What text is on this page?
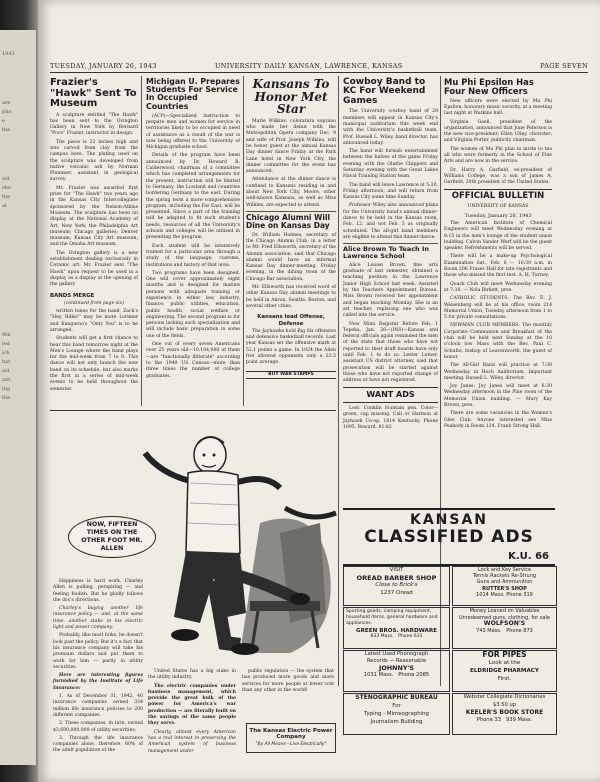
1943
are
pho
e
the
wit
sho
the
at
9th
led
ich
hat
ast
ant
ing
the
TUESDAY, JANUARY 26, 1943	UNIVERSITY DAILY KANSAN, LAWRENCE, KANSAS	PAGE SEVEN
Frazier's "Hawk" Sent To Museum

A sculpture entitled "The Hawk" has been sent to the Ovington Gallery in New York by Bernard "Poco" Frazier, instructor in design.

The piece is 22 inches high and was carved from clay from the campus here. The plating used on the sculpture was developed from native volcanic ash by Norman Plummer, assistant in geological survey.

Mr. Frazier was awarded first prize for "The Hawk" two years ago in the Kansas City Intercollegiate sponsored by the Nelson-Atkins Museum. The sculpture has been on display at the National Academy of Art, New York; the Philadelphia Art museum; Chicago galleries; Denver museum; Kansas City Art museum; and the Omaha Art museum.

The Ovington gallery is a new establishment dealing exclusively in Ceramic art. Mr. Frazier sent "The Hawk" upon request to be used in a display as a display at the opening of the gallery.

BANDS MERGE

(continued from page six)

written tunes for the band, Zack's "Hey, Billie!" may be more Lorimer and Kangaroo's "Only You" is to be arranged.

Students will get a first chance to hear this band tomorrow night at the Men's Lounge where the band plays for the mid-week from 7 to 8. This dance will not only launch the new band on its schedule, but also marks the first in a series of mid-week events to be held throughout the semester.

Michigan U. Prepares Students For Service In Occupied Countries

(ACP)—Specialized instruction to prepare men and women for service in territories likely to be occupied in need of assistance as a result of the war is now being offered to the University of Michigan graduate school.

Details of the program have been announced by Dr. Howard B. Calderwood, chairman of a committee which has completed arrangements for the present, instruction will be limited to Germany, the Lowland and countries bordering Germany to the east. During the spring term a more comprehensive program, including the Far East, will be presented. Since a part of the training will be adapted to fit such student's needs, resources of all the University's schools and colleges will be utilized in presenting the program.

Each student will be intensively trained for a particular area through a study of the language, customs, institutions and history of that area.

Two programs have been designed. One will cover approximately eight months and is designed for mature persons with adequate training or experience in either law, industry, finance, public utilities, education, public health, social welfare or engineering. The second program is for persons lacking such specialization and will include basic preparation in some one of the fields.

One out of every seven Americans over 25 years old—10,104,000 of them—are "functionally illiterate" according to the 1940 US Census—more than three times the number of college graduates.

Kansans To Honor Met Star

Marie Wilkins, coloratura soprano who made her debut with the Metropolitan Opera company Dec. 9 and wife of Prof. Joseph Wilkins, will be honor guest at the annual Kansas Day dinner dance Friday at the Park Lane hotel in New York City, the dinner committee for the event has announced.

Attendance at the dinner dance is confined to Kansans residing in and about New York City. Moore, other well-known Kansans, as well as Miss Wilkins, are expected to attend.

Chicago Alumni Will Dine on Kansas Day

Dr. William Holmes, secretary of the Chicago Alumni Club, in a letter to Mr. Fred Ellsworth, secretary of the Alumni association, said that Chicago alumni would have an informal Kansas Day dinner-meeting, Friday evening, in the dining room of the Chicago Bar association.

Mr. Ellsworth has received word of other Kansas Day alumni meetings to be held in Akron, Seattle, Boston, and several other cities.

Kansans lead Offense, Defense

The Jayhawks hold Big Six offensive and defensive basketball records. Last year Kansas set the offensive mark at 52.1 points a game. In 1924 the Allen five allowed opponents only a 23.5 point average.

BUY WAR STAMPS
Cowboy Band to KC For Weekend Games

The University cowboy band of 28 members will appear in Kansas City's municipal auditorium this week end with the University's basketball team, Prof. Russell L. Wiley, band director, has announced today.

The band will furnish entertainment between the halves of the game Friday evening with the Olathe Chippers and Saturday evening with the Great Lakes Naval Training Station team.

The band will leave Lawrence at 5:30, Friday afternoon, and will return from Kansas City some time Sunday.

Professor Wiley also announced plans for the University band's annual dinner-dance to be held in the Kansas room, Feb. 12, and not Feb. 5 as originally scheduled. The all-girl band members are eligible to attend this dinner-dance.

Alice Brown To Teach In Lawrence School

Alice Louise Brown, fine arts graduate of last semester, obtained a teaching position in the Lawrence Junior High School last week. Assisted by the Teachers Appointment Bureau, Miss Brown received her appointment and began teaching Monday. She is an art teacher, replacing one who was called into the service.

New Mimi Register Before Feb. 1 Topeka, Jan. 26—(INS)—Kansas and federal officials again reminded the men of the state that those who have not reported to their draft boards have only until Feb. 1 to do so. Lester Lotner, assistant US district attorney, said that prosecution will be started against those who have not reported change of address or have not registered.

WANT ADS

Lost: Conklin fountain pen. Color—green, cap missing. Call or Harmon at Jayhawk Co-op, 1614 Kentucky. Phone 1095. Reward. 81-82

Mu Phi Epsilon Has Four New Officers

New officers were elected by Mu Phi Epsilon, honorary music sorority, at a meeting last night at Watkins hall.

Virginia Gaell, president of the organization, announced that June Peterson is the new vice-president; Ellen Utley, chorister; and Virginia Porter, publicity chairman.

The women of Mu Phi plan to invite to tea all who were formerly in the School of Fine Arts and are now in the service.

Dr. Harry A. Garfield, ex-president of Williams College, was a son of James A. Garfield, 20th president of the United States.

OFFICIAL BULLETIN

UNIVERSITY OF KANSAS

Tuesday, January 26, 1943

The American Institute of Chemical Engineers will meet Wednesday evening at 8:15 in the men's lounge of the student union building. Calvin Vander Werf will be the guest speaker. Refreshments will be served.

There will be a make-up Psychological Examination Sat., Feb. 6 — 10:30 a.m. in Room 206 Fraser Hall for late registrants and those who missed the first test. A. H. Turney.

Quack Club will meet Wednesday evening at 7:30. — Nola Birkett, pres.

CATHOLIC STUDENTS: The Rev. E. J. Weisenberg will be at his office, room 214 Memorial Union, Tuesday afternoon from 1 to 5 for private consultations.

NEWMAN CLUB MEMBERS: The monthly Corporate Communion and Breakfast of the club will be held next Sunday at the 10 o'clock low Mass with the Rev. Paul C. Schulte, bishop of Leavenworth, the guest of honor.

The All-Girl Band will practice at 7:30 Wednesday in Hoch Auditorium. Important meeting. Russell L. Wiley, director.

Joy Janes: Joy Janes will meet at 6:30 Wednesday afternoon in the Pine room of the Memorial Union building. — Mary Kay Brown, pres.

There are some vacancies in the Women's Glee Club. Anyone interested see Miss Peabody in Room 124, Frank Strong Hall.

NOW, FIFTEEN TIMES ON THE OTHER FOOT MR. ALLEN

Happiness is hard work. Charley Allen is pulling, perspiring — and feeling foolish. But he gladly follows the doc's directions.

Charley's buying another life insurance policy — and, at the same time, another stake in his electric light and power company.

Probably, like most folks, he doesn't look past the policy. But it's a fact that his insurance company will take his premium dollars and put them to work for him — partly in utility securities.

Here are interesting figures furnished by the Institute of Life Insurance:

1. As of December 31, 1942, 40 insurance companies owned 334 million life insurance policies to 200 different companies.

2. These companies, in turn, owned $3,600,000,000 of utility securities.

3. Through the life insurance companies alone, therefore, 80% of the adult population of the

United States has a big stake in the utility industry.

The electric companies under business management, which provide the great bulk of the power for America's war production — are literally built on the savings of the same people they serve.

Clearly, almost every American has a real interest in preserving the American system of business management under

public regulation — the system that has produced more goods and more services for more people at lower cost than any other in the world!

The Kansas Electric Power Company
"By All Means—Live Electrically"
KANSAN
CLASSIFIED ADS
K.U. 66
VISIT
OREAD BARBER SHOP
Close to Brick's
1237 Oread
Lock and Key Service
Tennis Rackets Re-Strung
Guns and Ammunition
RUTTER'S SHOP
1014 Mass. Phone 319
Sporting goods, camping equipment, household items, general hardware and appliances.
GREEN BROS. HARDWARE
633 Mass. Phone 631
Money Loaned on Valuables
Unredeemed guns, clothing, for sale
WOLFSON'S
743 Mass. Phone 873
Latest Used Phonograph
Records — Reasonable
JOHNNY'S
1031 Mass. Phone 2085
FOR PIPES
Look at the
ELDRIDGE PHARMACY
First.
STENOGRAPHIC BUREAU
For
Typing - Mimeographing
Journalism Building
Webster Collegiate Dictionaries
$3.50 up
KEELER'S BOOK STORE
Phone 33 939 Mass.
